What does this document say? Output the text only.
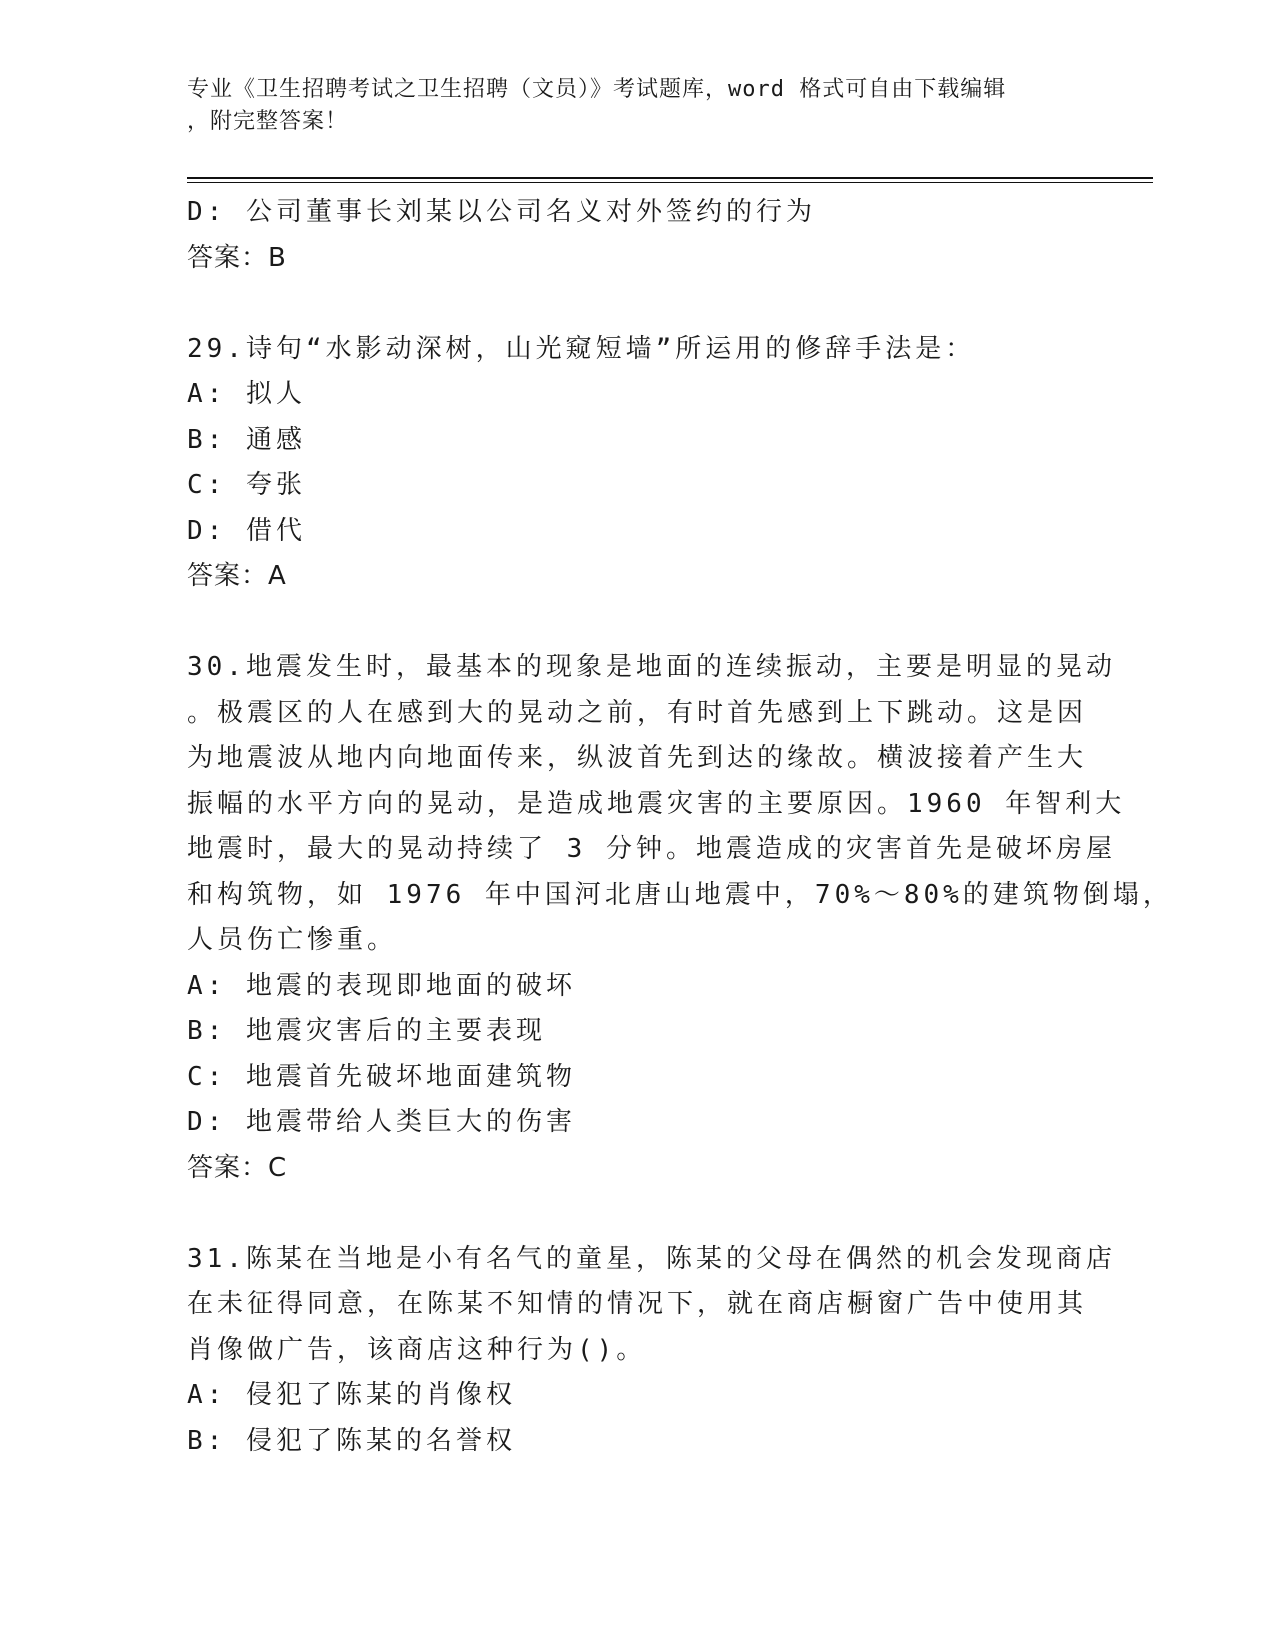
专业《卫生招聘考试之卫生招聘（文员）》考试题库，word 格式可自由下载编辑
，附完整答案！
D: 公司董事长刘某以公司名义对外签约的行为
答案：B
29.诗句“水影动深树，山光窥短墙”所运用的修辞手法是：
A: 拟人
B: 通感
C: 夸张
D: 借代
答案：A
30.地震发生时，最基本的现象是地面的连续振动，主要是明显的晃动
。极震区的人在感到大的晃动之前，有时首先感到上下跳动。这是因
为地震波从地内向地面传来，纵波首先到达的缘故。横波接着产生大
振幅的水平方向的晃动，是造成地震灾害的主要原因。1960 年智利大
地震时，最大的晃动持续了 3 分钟。地震造成的灾害首先是破坏房屋
和构筑物，如 1976 年中国河北唐山地震中，70%～80%的建筑物倒塌，
人员伤亡惨重。
A: 地震的表现即地面的破坏
B: 地震灾害后的主要表现
C: 地震首先破坏地面建筑物
D: 地震带给人类巨大的伤害
答案：C
31.陈某在当地是小有名气的童星，陈某的父母在偶然的机会发现商店
在未征得同意，在陈某不知情的情况下，就在商店橱窗广告中使用其
肖像做广告，该商店这种行为()。
A: 侵犯了陈某的肖像权
B: 侵犯了陈某的名誉权
